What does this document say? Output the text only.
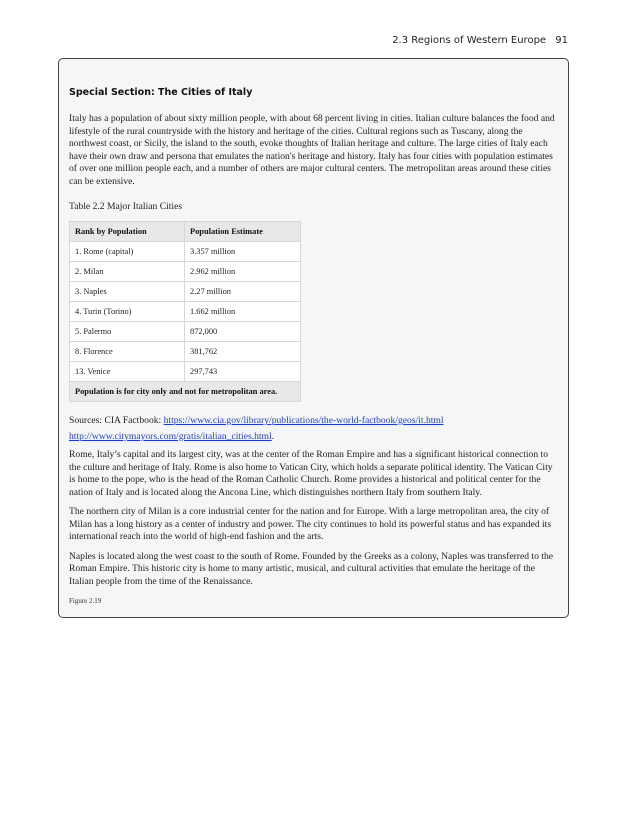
2.3 Regions of Western Europe 91
Special Section: The Cities of Italy

Italy has a population of about sixty million people, with about 68 percent living in cities. Italian culture balances the food and lifestyle of the rural countryside with the history and heritage of the cities. Cultural regions such as Tuscany, along the northwest coast, or Sicily, the island to the south, evoke thoughts of Italian heritage and culture. The large cities of Italy each have their own draw and persona that emulates the nation's heritage and history. Italy has four cities with population estimates of over one million people each, and a number of others are major cultural centers. The metropolitan areas around these cities can be extensive.

Table 2.2 Major Italian Cities

Rank by Population	Population Estimate
1. Rome (capital)	3.357 million
2. Milan	2.962 million
3. Naples	2.27 million
4. Turin (Torino)	1.662 million
5. Palermo	872,000
8. Florence	381,762
13. Venice	297,743
Population is for city only and not for metropolitan area.	

Sources: CIA Factbook: https://www.cia.gov/library/publications/the-world-factbook/geos/it.html

http://www.citymayors.com/gratis/italian_cities.html.

Rome, Italy’s capital and its largest city, was at the center of the Roman Empire and has a significant historical connection to the culture and heritage of Italy. Rome is also home to Vatican City, which holds a separate political identity. The Vatican City is home to the pope, who is the head of the Roman Catholic Church. Rome provides a historical and political center for the nation of Italy and is located along the Ancona Line, which distinguishes northern Italy from southern Italy.

The northern city of Milan is a core industrial center for the nation and for Europe. With a large metropolitan area, the city of Milan has a long history as a center of industry and power. The city continues to hold its powerful status and has expanded its international reach into the world of high-end fashion and the arts.

Naples is located along the west coast to the south of Rome. Founded by the Greeks as a colony, Naples was transferred to the Roman Empire. This historic city is home to many artistic, musical, and cultural activities that emulate the heritage of the Italian people from the time of the Renaissance.

Figure 2.19
